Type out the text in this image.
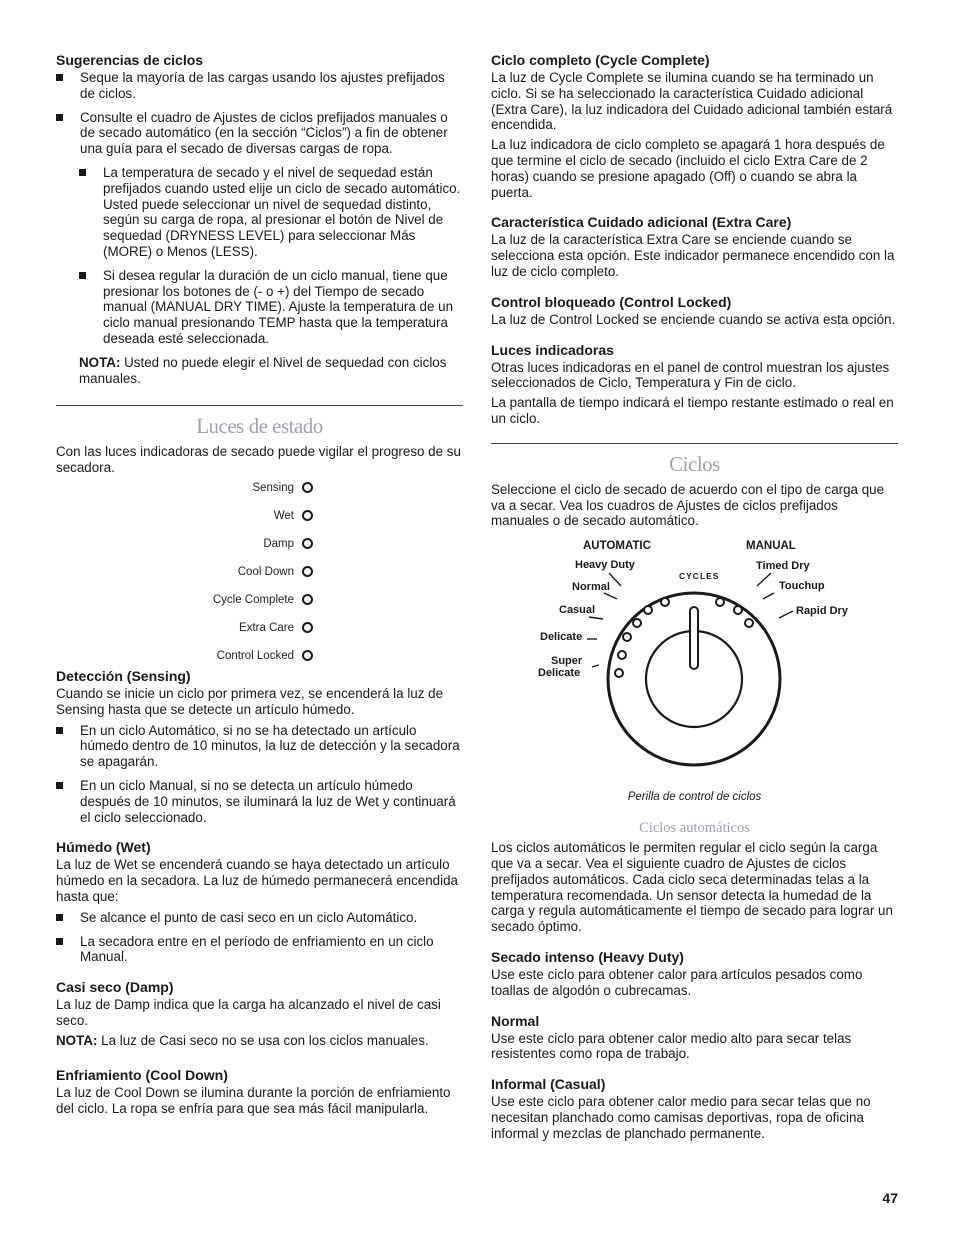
Sugerencias de ciclos
Seque la mayoría de las cargas usando los ajustes prefijados de ciclos.
Consulte el cuadro de Ajustes de ciclos prefijados manuales o de secado automático (en la sección “Ciclos”) a fin de obtener una guía para el secado de diversas cargas de ropa.
La temperatura de secado y el nivel de sequedad están prefijados cuando usted elije un ciclo de secado automático. Usted puede seleccionar un nivel de sequedad distinto, según su carga de ropa, al presionar el botón de Nivel de sequedad (DRYNESS LEVEL) para seleccionar Más (MORE) o Menos (LESS).
Si desea regular la duración de un ciclo manual, tiene que presionar los botones de (- o +) del Tiempo de secado manual (MANUAL DRY TIME). Ajuste la temperatura de un ciclo manual presionando TEMP hasta que la temperatura deseada esté seleccionada.

NOTA: Usted no puede elegir el Nivel de sequedad con ciclos manuales.

Luces de estado

Con las luces indicadoras de secado puede vigilar el progreso de su secadora.

Sensing
Wet
Damp
Cool Down
Cycle Complete
Extra Care
Control Locked
Detección (Sensing)

Cuando se inicie un ciclo por primera vez, se encenderá la luz de Sensing hasta que se detecte un artículo húmedo.

En un ciclo Automático, si no se ha detectado un artículo húmedo dentro de 10 minutos, la luz de detección y la secadora se apagarán.
En un ciclo Manual, si no se detecta un artículo húmedo después de 10 minutos, se iluminará la luz de Wet y continuará el ciclo seleccionado.
Húmedo (Wet)

La luz de Wet se encenderá cuando se haya detectado un artículo húmedo en la secadora. La luz de húmedo permanecerá encendida hasta que:

Se alcance el punto de casi seco en un ciclo Automático.
La secadora entre en el período de enfriamiento en un ciclo Manual.
Casi seco (Damp)

La luz de Damp indica que la carga ha alcanzado el nivel de casi seco.

NOTA: La luz de Casi seco no se usa con los ciclos manuales.

Enfriamiento (Cool Down)

La luz de Cool Down se ilumina durante la porción de enfriamiento del ciclo. La ropa se enfría para que sea más fácil manipularla.

Ciclo completo (Cycle Complete)

La luz de Cycle Complete se ilumina cuando se ha terminado un ciclo. Si se ha seleccionado la característica Cuidado adicional (Extra Care), la luz indicadora del Cuidado adicional también estará encendida.

La luz indicadora de ciclo completo se apagará 1 hora después de que termine el ciclo de secado (incluido el ciclo Extra Care de 2 horas) cuando se presione apagado (Off) o cuando se abra la puerta.

Característica Cuidado adicional (Extra Care)

La luz de la característica Extra Care se enciende cuando se selecciona esta opción. Este indicador permanece encendido con la luz de ciclo completo.

Control bloqueado (Control Locked)

La luz de Control Locked se enciende cuando se activa esta opción.

Luces indicadoras

Otras luces indicadoras en el panel de control muestran los ajustes seleccionados de Ciclo, Temperatura y Fin de ciclo.

La pantalla de tiempo indicará el tiempo restante estimado o real en un ciclo.

Ciclos

Seleccione el ciclo de secado de acuerdo con el tipo de carga que va a secar. Vea los cuadros de Ajustes de ciclos prefijados manuales o de secado automático.

AUTOMATIC	MANUAL
Heavy Duty
Normal
Casual
Delicate
Super
Delicate
Timed Dry
Touchup
Rapid Dry
CYCLES
Perilla de control de ciclos
Ciclos automáticos

Los ciclos automáticos le permiten regular el ciclo según la carga que va a secar. Vea el siguiente cuadro de Ajustes de ciclos prefijados automáticos. Cada ciclo seca determinadas telas a la temperatura recomendada. Un sensor detecta la humedad de la carga y regula automáticamente el tiempo de secado para lograr un secado óptimo.

Secado intenso (Heavy Duty)

Use este ciclo para obtener calor para artículos pesados como toallas de algodón o cubrecamas.

Normal

Use este ciclo para obtener calor medio alto para secar telas resistentes como ropa de trabajo.

Informal (Casual)

Use este ciclo para obtener calor medio para secar telas que no necesitan planchado como camisas deportivas, ropa de oficina informal y mezclas de planchado permanente.

47
